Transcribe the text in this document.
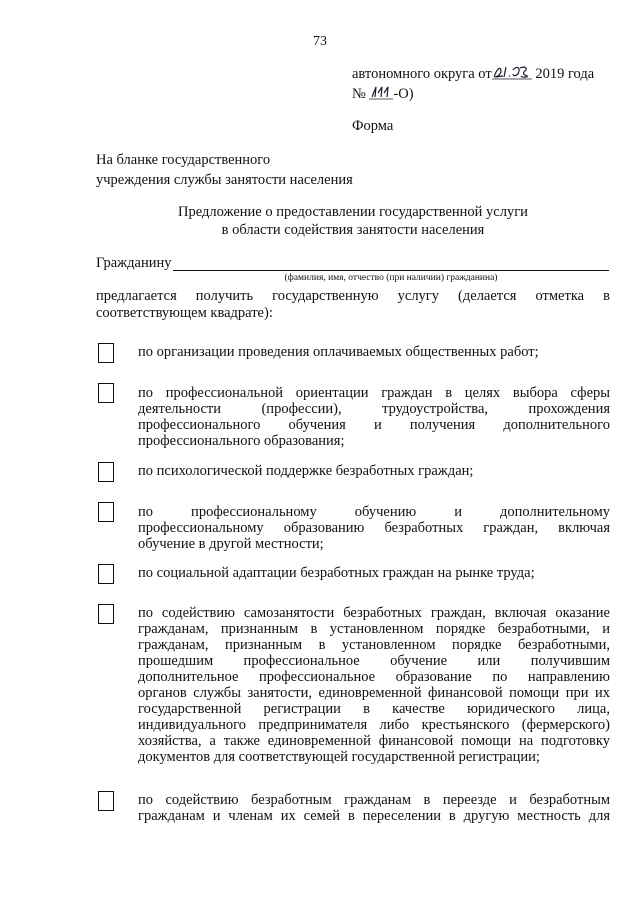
73
автономного округа от	2019 года
№ -О)
Форма
На бланке государственного
учреждения службы занятости населения
Предложение о предоставлении государственной услуги
в области содействия занятости населения
Гражданину
(фамилия, имя, отчество (при наличии) гражданина)
предлагается получить государственную услугу (делается отметка в
соответствующем квадрате):
по организации проведения оплачиваемых общественных работ;
по профессиональной ориентации граждан в целях выбора сферы
деятельности (профессии), трудоустройства, прохождения
профессионального обучения и получения дополнительного
профессионального образования;
по психологической поддержке безработных граждан;
по профессиональному обучению и дополнительному
профессиональному образованию безработных граждан, включая
обучение в другой местности;
по социальной адаптации безработных граждан на рынке труда;
по содействию самозанятости безработных граждан, включая оказание
гражданам, признанным в установленном порядке безработными, и
гражданам, признанным в установленном порядке безработными,
прошедшим профессиональное обучение или получившим
дополнительное профессиональное образование по направлению
органов службы занятости, единовременной финансовой помощи при их
государственной регистрации в качестве юридического лица,
индивидуального предпринимателя либо крестьянского (фермерского)
хозяйства, а также единовременной финансовой помощи на подготовку
документов для соответствующей государственной регистрации;
по содействию безработным гражданам в переезде и безработным
гражданам и членам их семей в переселении в другую местность для
